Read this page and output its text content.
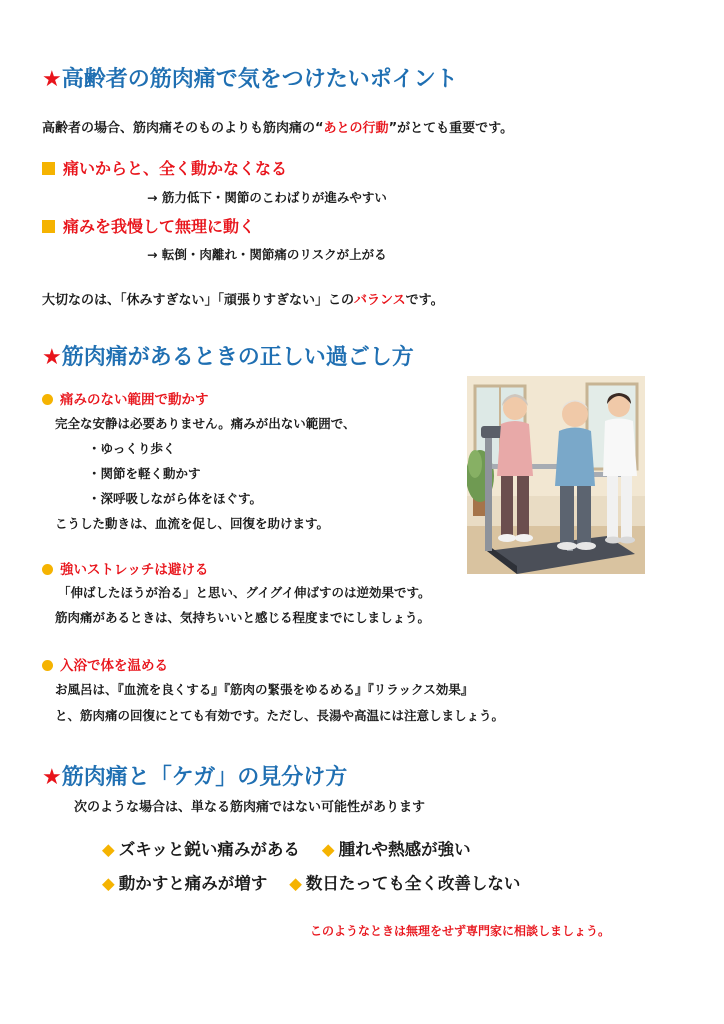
★高齢者の筋肉痛で気をつけたいポイント
高齢者の場合、筋肉痛そのものよりも筋肉痛の“あとの行動”がとても重要です。
痛いからと、全く動かなくなる
→ 筋力低下・関節のこわばりが進みやすい
痛みを我慢して無理に動く
→ 転倒・肉離れ・関節痛のリスクが上がる
大切なのは、「休みすぎない」「頑張りすぎない」このバランスです。
★筋肉痛があるときの正しい過ごし方
痛みのない範囲で動かす
完全な安静は必要ありません。痛みが出ない範囲で、
・ゆっくり歩く
・関節を軽く動かす
・深呼吸しながら体をほぐす。
こうした動きは、血流を促し、回復を助けます。
強いストレッチは避ける
「伸ばしたほうが治る」と思い、グイグイ伸ばすのは逆効果です。
筋肉痛があるときは、気持ちいいと感じる程度までにしましょう。
入浴で体を温める
お風呂は、『血流を良くする』『筋肉の緊張をゆるめる』『リラックス効果』
と、筋肉痛の回復にとても有効です。ただし、長湯や高温には注意しましょう。
★筋肉痛と「ケガ」の見分け方
次のような場合は、単なる筋肉痛ではない可能性があります
◆ ズキッと鋭い痛みがある ◆ 腫れや熱感が強い
◆ 動かすと痛みが増す ◆ 数日たっても全く改善しない
このようなときは無理をせず専門家に相談しましょう。
